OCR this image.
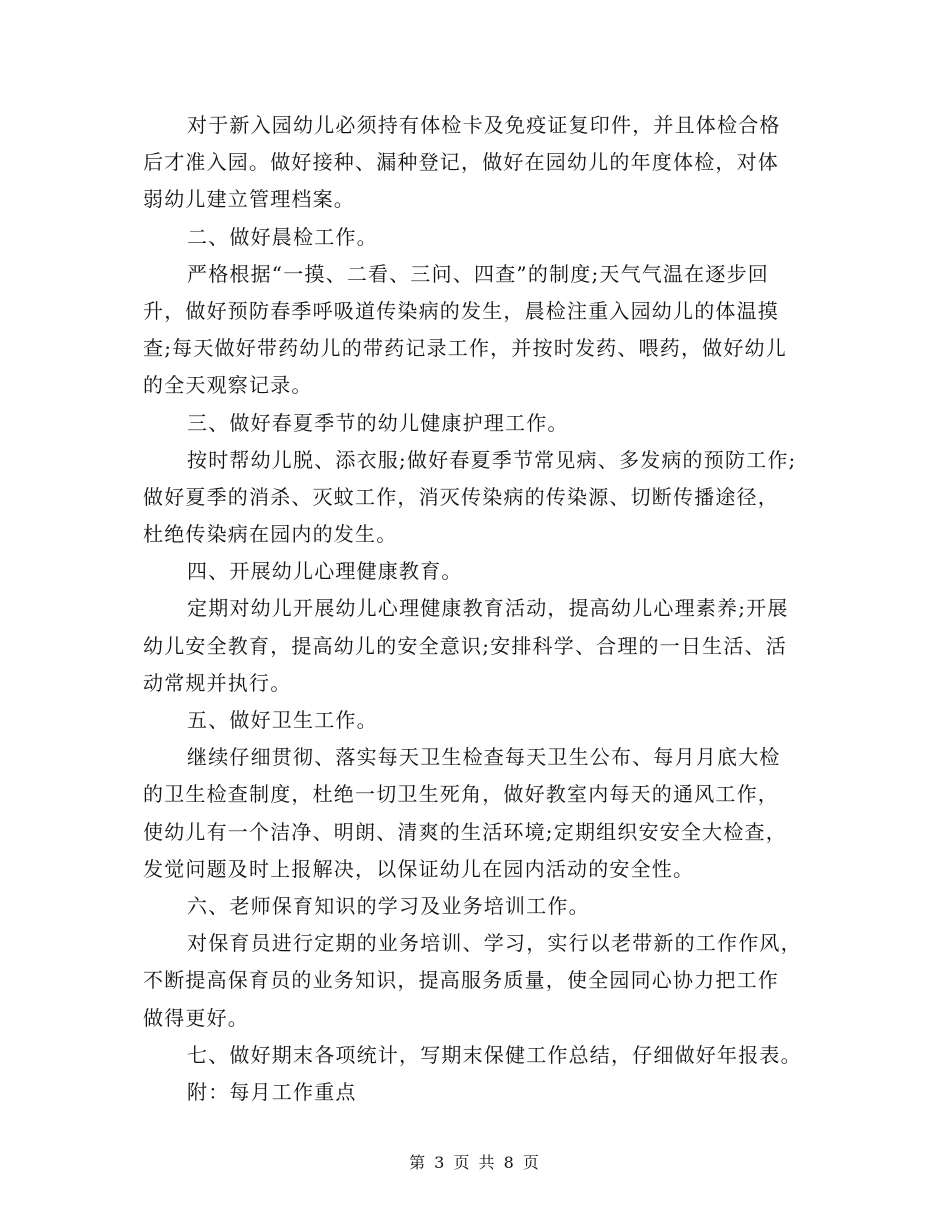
对于新入园幼儿必须持有体检卡及免疫证复印件，并且体检合格
后才准入园。做好接种、漏种登记，做好在园幼儿的年度体检，对体
弱幼儿建立管理档案。
二、做好晨检工作。
严格根据“一摸、二看、三问、四查”的制度;天气气温在逐步回
升，做好预防春季呼吸道传染病的发生，晨检注重入园幼儿的体温摸
查;每天做好带药幼儿的带药记录工作，并按时发药、喂药，做好幼儿
的全天观察记录。
三、做好春夏季节的幼儿健康护理工作。
按时帮幼儿脱、添衣服;做好春夏季节常见病、多发病的预防工作;
做好夏季的消杀、灭蚊工作，消灭传染病的传染源、切断传播途径，
杜绝传染病在园内的发生。
四、开展幼儿心理健康教育。
定期对幼儿开展幼儿心理健康教育活动，提高幼儿心理素养;开展
幼儿安全教育，提高幼儿的安全意识;安排科学、合理的一日生活、活
动常规并执行。
五、做好卫生工作。
继续仔细贯彻、落实每天卫生检查每天卫生公布、每月月底大检
的卫生检查制度，杜绝一切卫生死角，做好教室内每天的通风工作，
使幼儿有一个洁净、明朗、清爽的生活环境;定期组织安安全大检查，
发觉问题及时上报解决，以保证幼儿在园内活动的安全性。
六、老师保育知识的学习及业务培训工作。
对保育员进行定期的业务培训、学习，实行以老带新的工作作风，
不断提高保育员的业务知识，提高服务质量，使全园同心协力把工作
做得更好。
七、做好期末各项统计，写期末保健工作总结，仔细做好年报表。
附：每月工作重点
第 3 页 共 8 页
